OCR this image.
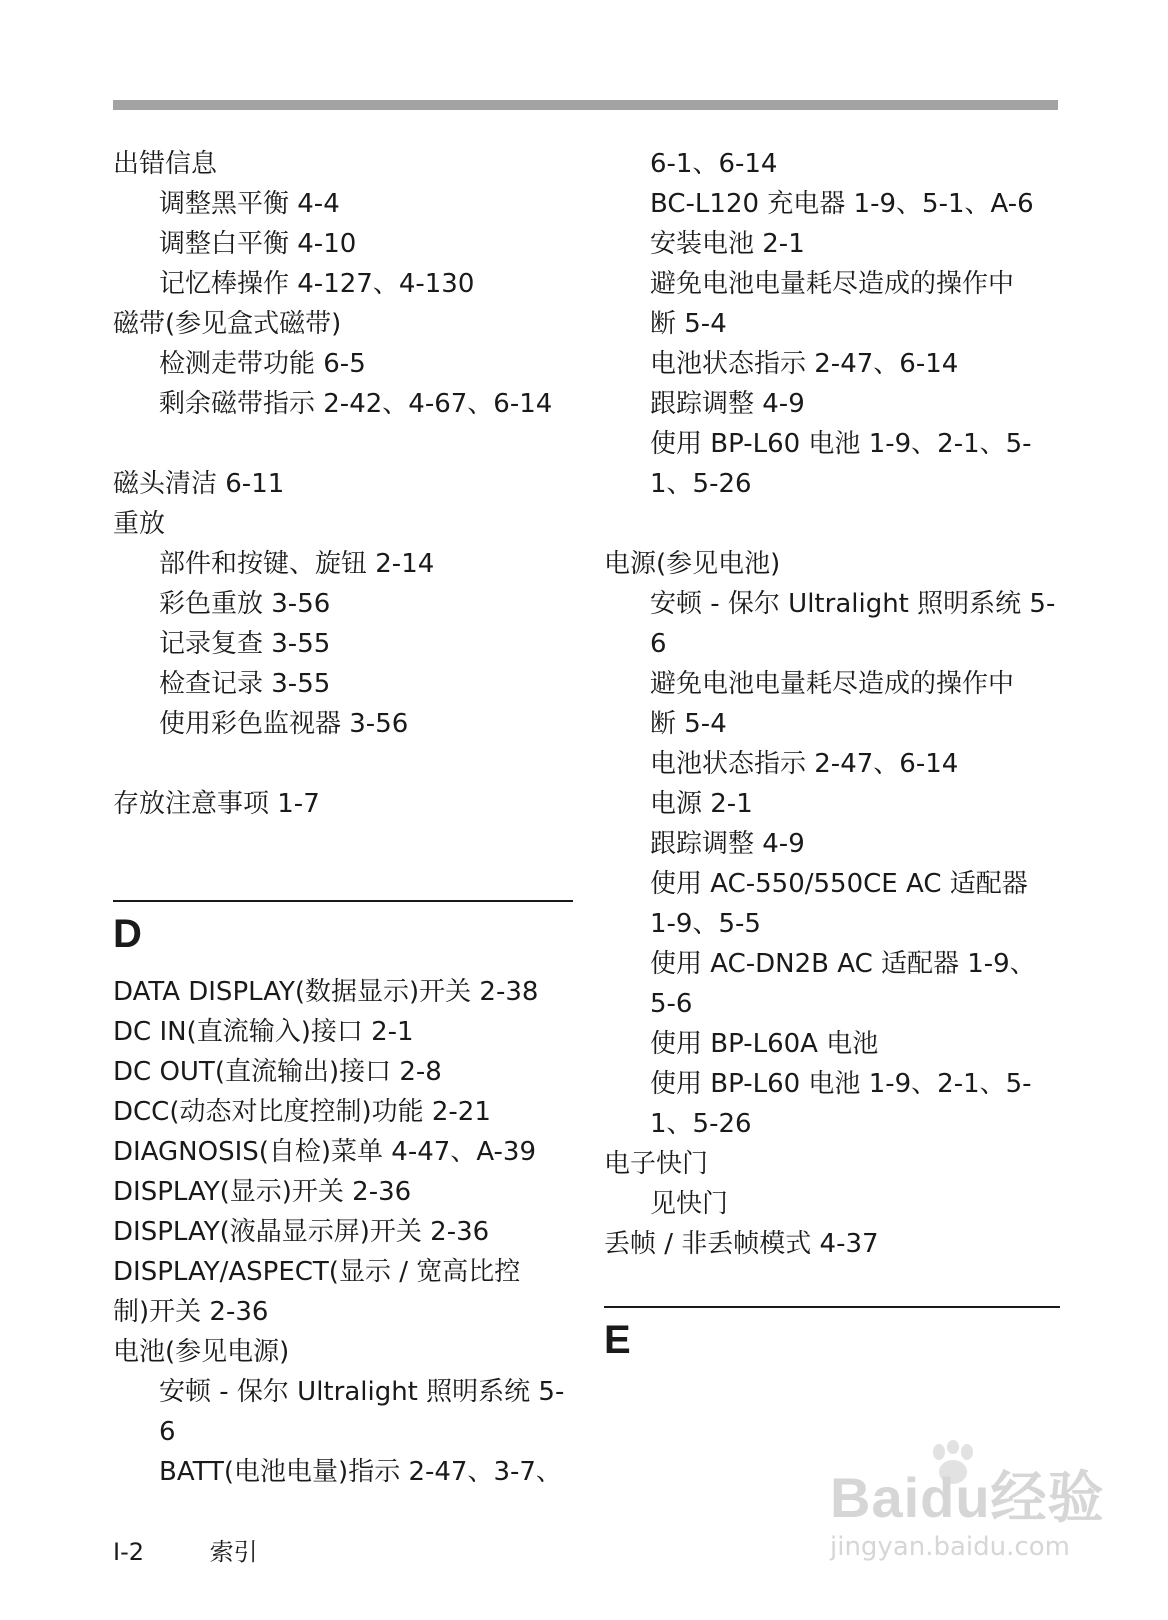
出错信息
调整黑平衡 4-4
调整白平衡 4-10
记忆棒操作 4-127、4-130
磁带(参见盒式磁带)
检测走带功能 6-5
剩余磁带指示 2-42、4-67、6-14
磁头清洁 6-11
重放
部件和按键、旋钮 2-14
彩色重放 3-56
记录复查 3-55
检查记录 3-55
使用彩色监视器 3-56
存放注意事项 1-7
D
DATA DISPLAY(数据显示)开关 2-38
DC IN(直流输入)接口 2-1
DC OUT(直流输出)接口 2-8
DCC(动态对比度控制)功能 2-21
DIAGNOSIS(自检)菜单 4-47、A-39
DISPLAY(显示)开关 2-36
DISPLAY(液晶显示屏)开关 2-36
DISPLAY/ASPECT(显示 / 宽高比控
制)开关 2-36
电池(参见电源)
安顿 - 保尔 Ultralight 照明系统 5-
6
BATT(电池电量)指示 2-47、3-7、
6-1、6-14
BC-L120 充电器 1-9、5-1、A-6
安装电池 2-1
避免电池电量耗尽造成的操作中
断 5-4
电池状态指示 2-47、6-14
跟踪调整 4-9
使用 BP-L60 电池 1-9、2-1、5-
1、5-26
电源(参见电池)
安顿 - 保尔 Ultralight 照明系统 5-
6
避免电池电量耗尽造成的操作中
断 5-4
电池状态指示 2-47、6-14
电源 2-1
跟踪调整 4-9
使用 AC-550/550CE AC 适配器
1-9、5-5
使用 AC-DN2B AC 适配器 1-9、
5-6
使用 BP-L60A 电池
使用 BP-L60 电池 1-9、2-1、5-
1、5-26
电子快门
见快门
丢帧 / 非丢帧模式 4-37
E
I-2	索引
Baidu经验
jingyan.baidu.com
